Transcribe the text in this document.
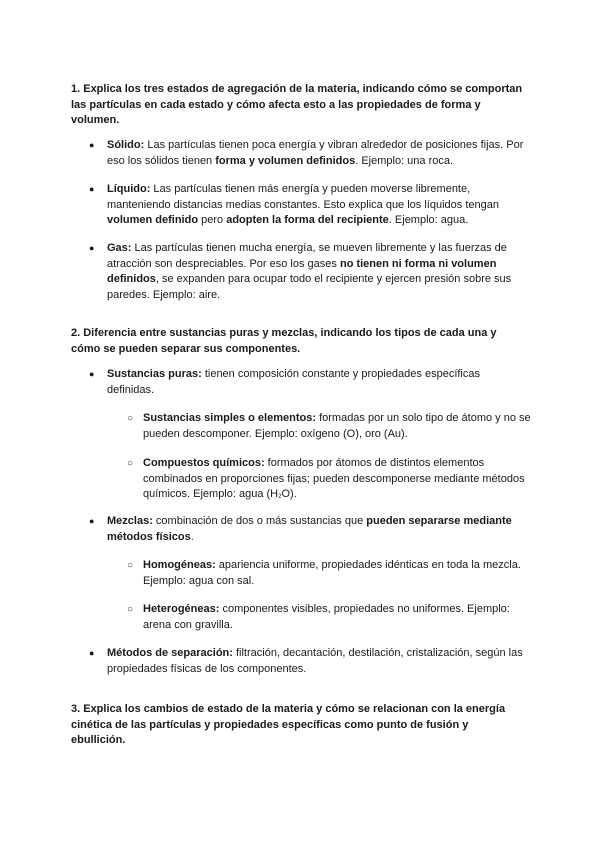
1. Explica los tres estados de agregación de la materia, indicando cómo se comportan las partículas en cada estado y cómo afecta esto a las propiedades de forma y volumen.

● Sólido: Las partículas tienen poca energía y vibran alrededor de posiciones fijas. Por eso los sólidos tienen forma y volumen definidos. Ejemplo: una roca.

● Líquido: Las partículas tienen más energía y pueden moverse libremente, manteniendo distancias medias constantes. Esto explica que los líquidos tengan volumen definido pero adopten la forma del recipiente. Ejemplo: agua.

● Gas: Las partículas tienen mucha energía, se mueven libremente y las fuerzas de atracción son despreciables. Por eso los gases no tienen ni forma ni volumen definidos, se expanden para ocupar todo el recipiente y ejercen presión sobre sus paredes. Ejemplo: aire.

2. Diferencia entre sustancias puras y mezclas, indicando los tipos de cada una y cómo se pueden separar sus componentes.

● Sustancias puras: tienen composición constante y propiedades específicas definidas.

○ Sustancias simples o elementos: formadas por un solo tipo de átomo y no se pueden descomponer. Ejemplo: oxígeno (O), oro (Au).

○ Compuestos químicos: formados por átomos de distintos elementos combinados en proporciones fijas; pueden descomponerse mediante métodos químicos. Ejemplo: agua $(H_2O)$.

● Mezclas: combinación de dos o más sustancias que pueden separarse mediante métodos físicos.

○ Homogéneas: apariencia uniforme, propiedades idénticas en toda la mezcla. Ejemplo: agua con sal.

○ Heterogéneas: componentes visibles, propiedades no uniformes. Ejemplo: arena con gravilla.

● Métodos de separación: filtración, decantación, destilación, cristalización, según las propiedades físicas de los componentes.

3. Explica los cambios de estado de la materia y cómo se relacionan con la energía cinética de las partículas y propiedades específicas como punto de fusión y ebullición.
